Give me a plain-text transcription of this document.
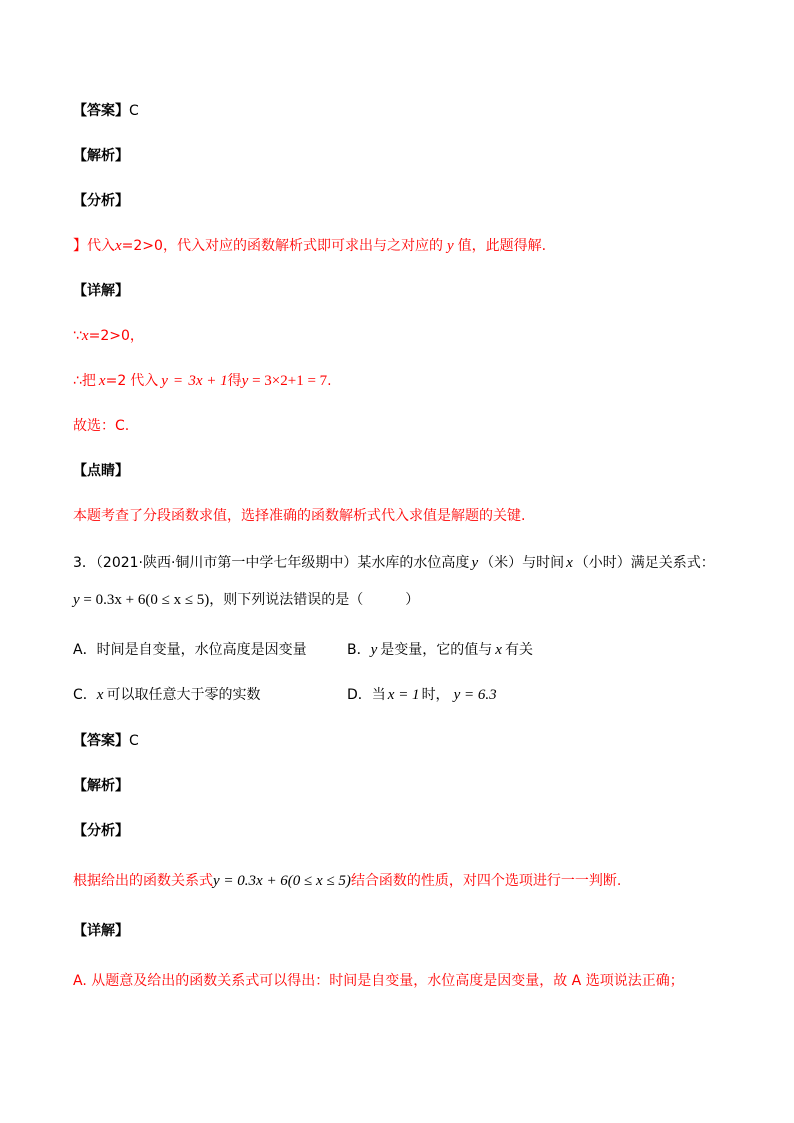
【答案】C
【解析】
【分析】
】代入x=2>0，代入对应的函数解析式即可求出与之对应的 y 值，此题得解.
【详解】
∵x=2>0，
∴把 x=2 代入 y = 3x + 1得y = 3×2+1 = 7.
故选：C.
【点睛】
本题考查了分段函数求值，选择准确的函数解析式代入求值是解题的关键.
3．（2021·陕西·铜川市第一中学七年级期中）某水库的水位高度 y （米）与时间 x （小时）满足关系式：
y = 0.3x + 6(0 ≤ x ≤ 5)，则下列说法错误的是（　　　）
A．时间是自变量，水位高度是因变量	B．y 是变量，它的值与 x 有关
C．x 可以取任意大于零的实数	D．当 x = 1 时， y = 6.3
【答案】C
【解析】
【分析】
根据给出的函数关系式y = 0.3x + 6(0 ≤ x ≤ 5)结合函数的性质，对四个选项进行一一判断.
【详解】
A. 从题意及给出的函数关系式可以得出：时间是自变量，水位高度是因变量，故 A 选项说法正确；
